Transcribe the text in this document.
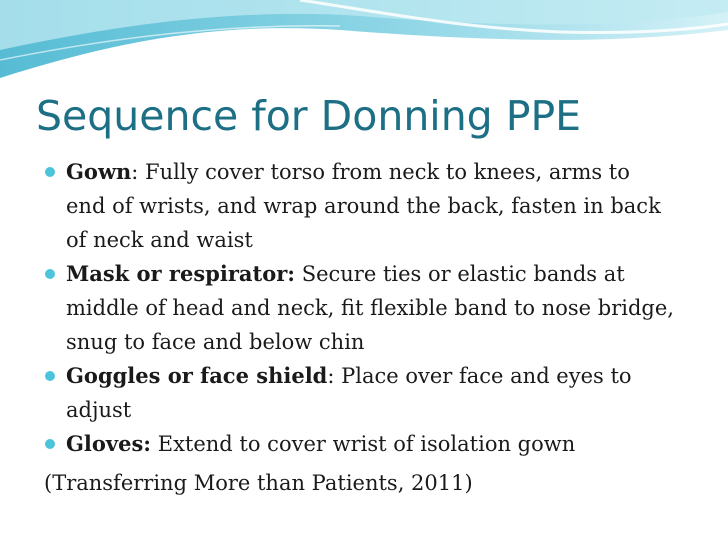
Sequence for Donning PPE
Gown: Fully cover torso from neck to knees, arms to end of wrists, and wrap around the back, fasten in back of neck and waist
Mask or respirator: Secure ties or elastic bands at middle of head and neck, fit flexible band to nose bridge, snug to face and below chin
Goggles or face shield: Place over face and eyes to adjust
Gloves: Extend to cover wrist of isolation gown

(Transferring More than Patients, 2011)
